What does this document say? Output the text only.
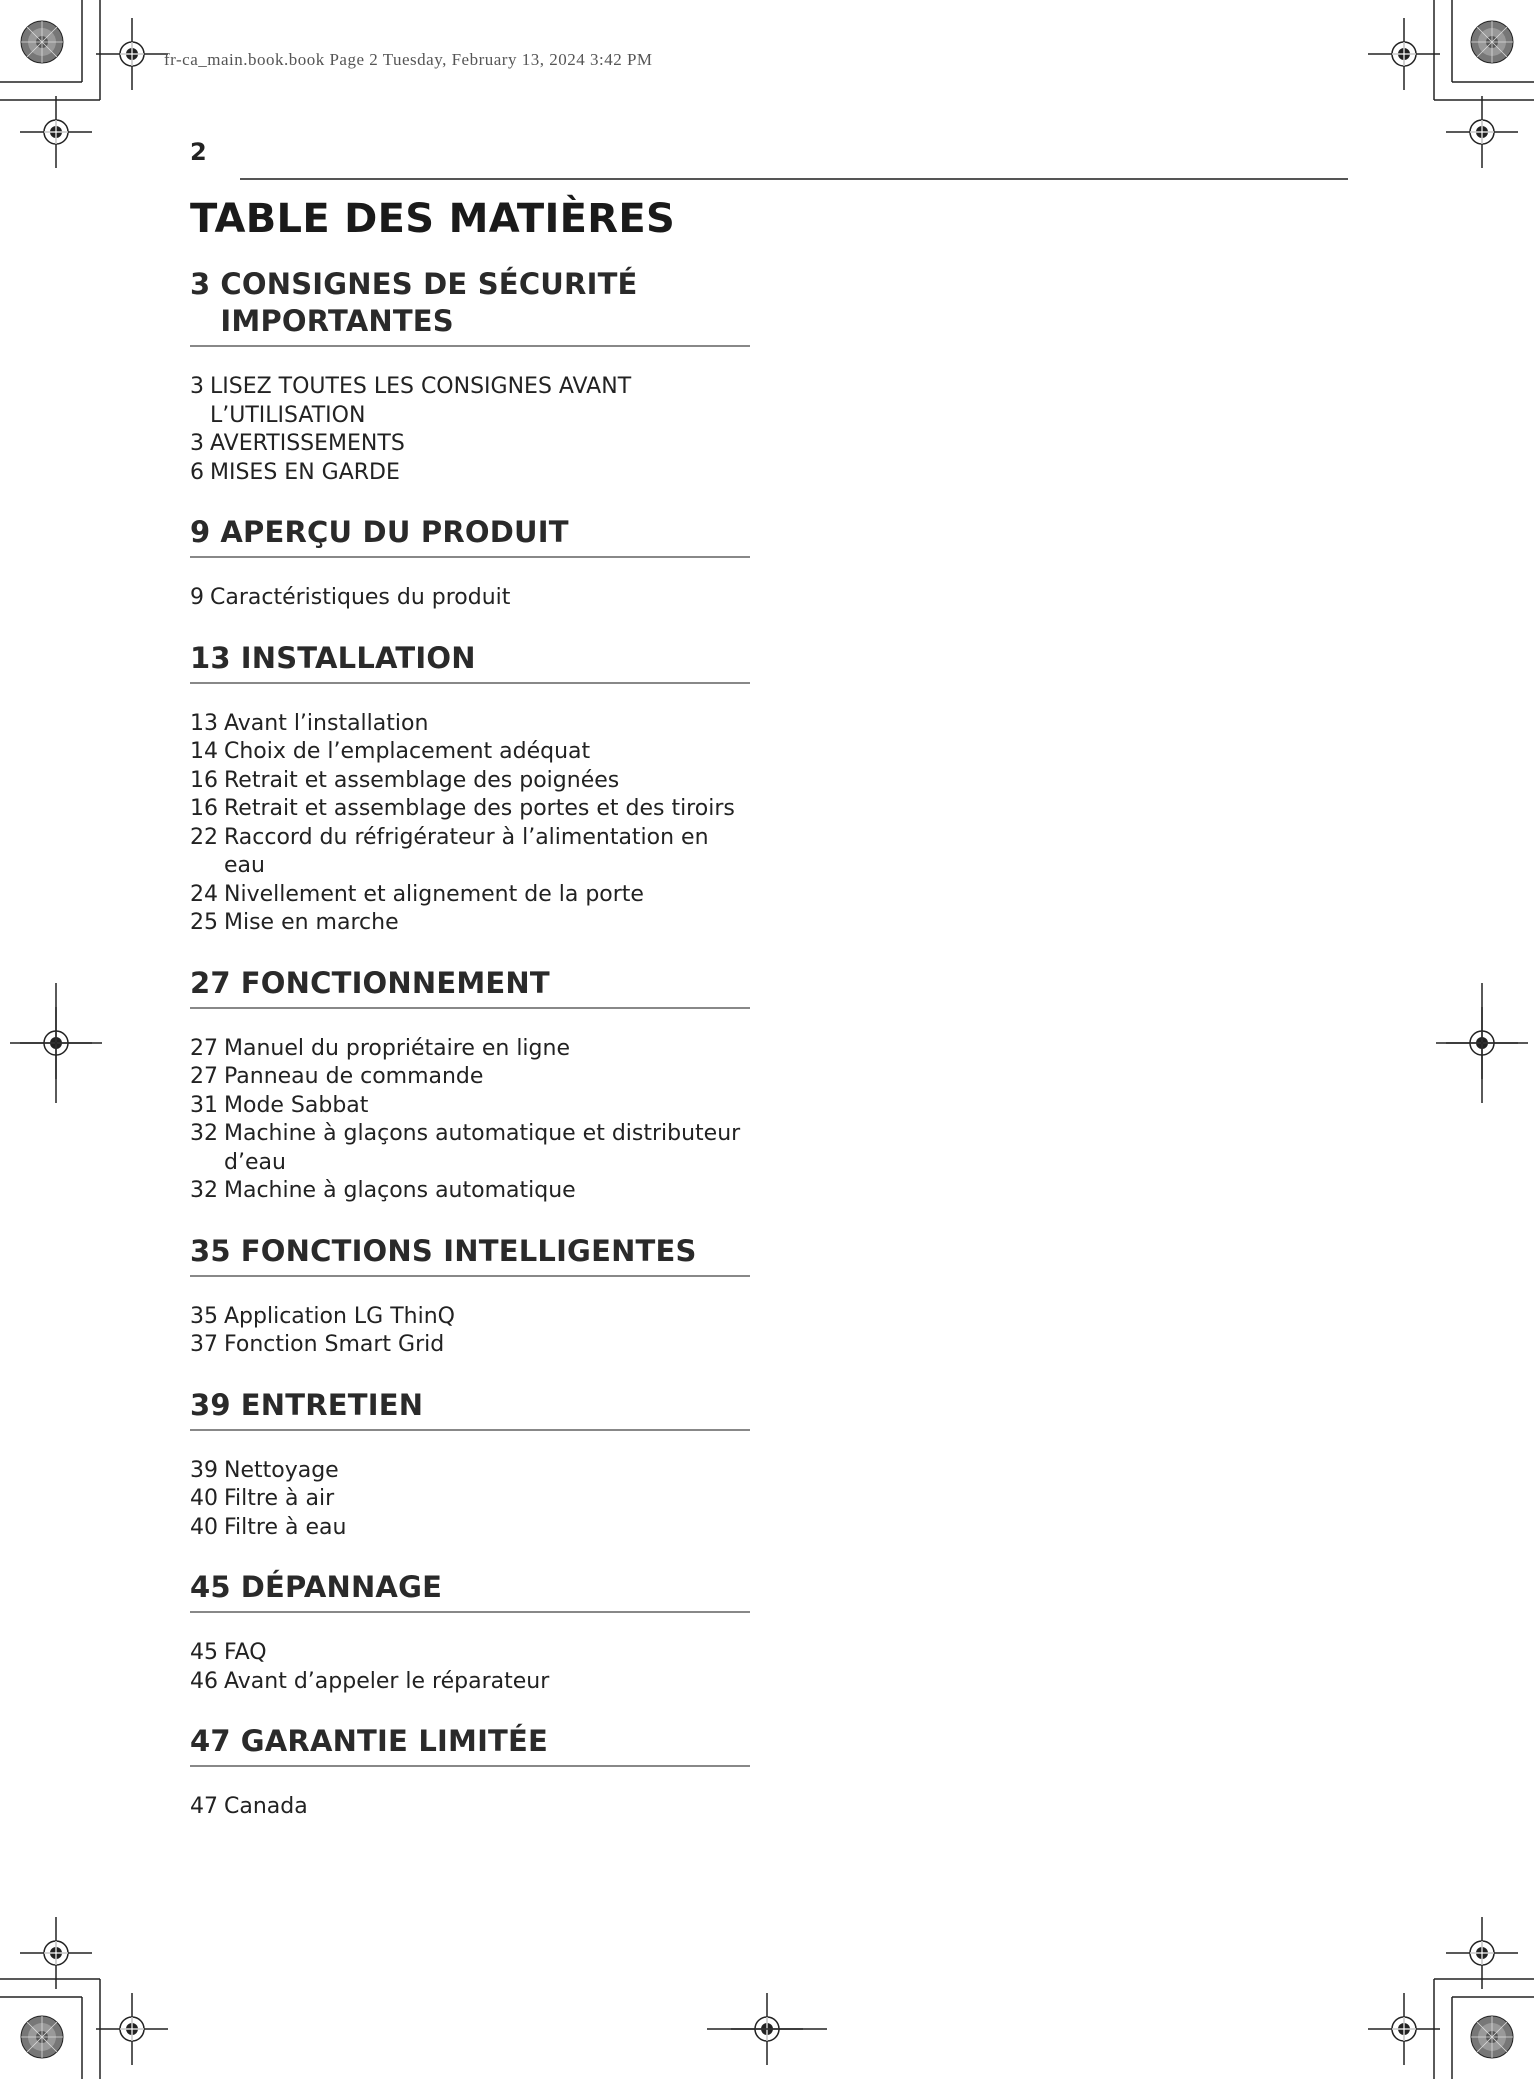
fr-ca_main.book.book Page 2 Tuesday, February 13, 2024 3:42 PM
2
TABLE DES MATIÈRES
3 CONSIGNES DE SÉCURITÉ IMPORTANTES
3 LISEZ TOUTES LES CONSIGNES AVANT L’UTILISATION
3 AVERTISSEMENTS
6 MISES EN GARDE
9 APERÇU DU PRODUIT
9 Caractéristiques du produit
13 INSTALLATION
13 Avant l’installation
14 Choix de l’emplacement adéquat
16 Retrait et assemblage des poignées
16 Retrait et assemblage des portes et des tiroirs
22 Raccord du réfrigérateur à l’alimentation en eau
24 Nivellement et alignement de la porte
25 Mise en marche
27 FONCTIONNEMENT
27 Manuel du propriétaire en ligne
27 Panneau de commande
31 Mode Sabbat
32 Machine à glaçons automatique et distributeur d’eau
32 Machine à glaçons automatique
35 FONCTIONS INTELLIGENTES
35 Application LG ThinQ
37 Fonction Smart Grid
39 ENTRETIEN
39 Nettoyage
40 Filtre à air
40 Filtre à eau
45 DÉPANNAGE
45 FAQ
46 Avant d’appeler le réparateur
47 GARANTIE LIMITÉE
47 Canada
